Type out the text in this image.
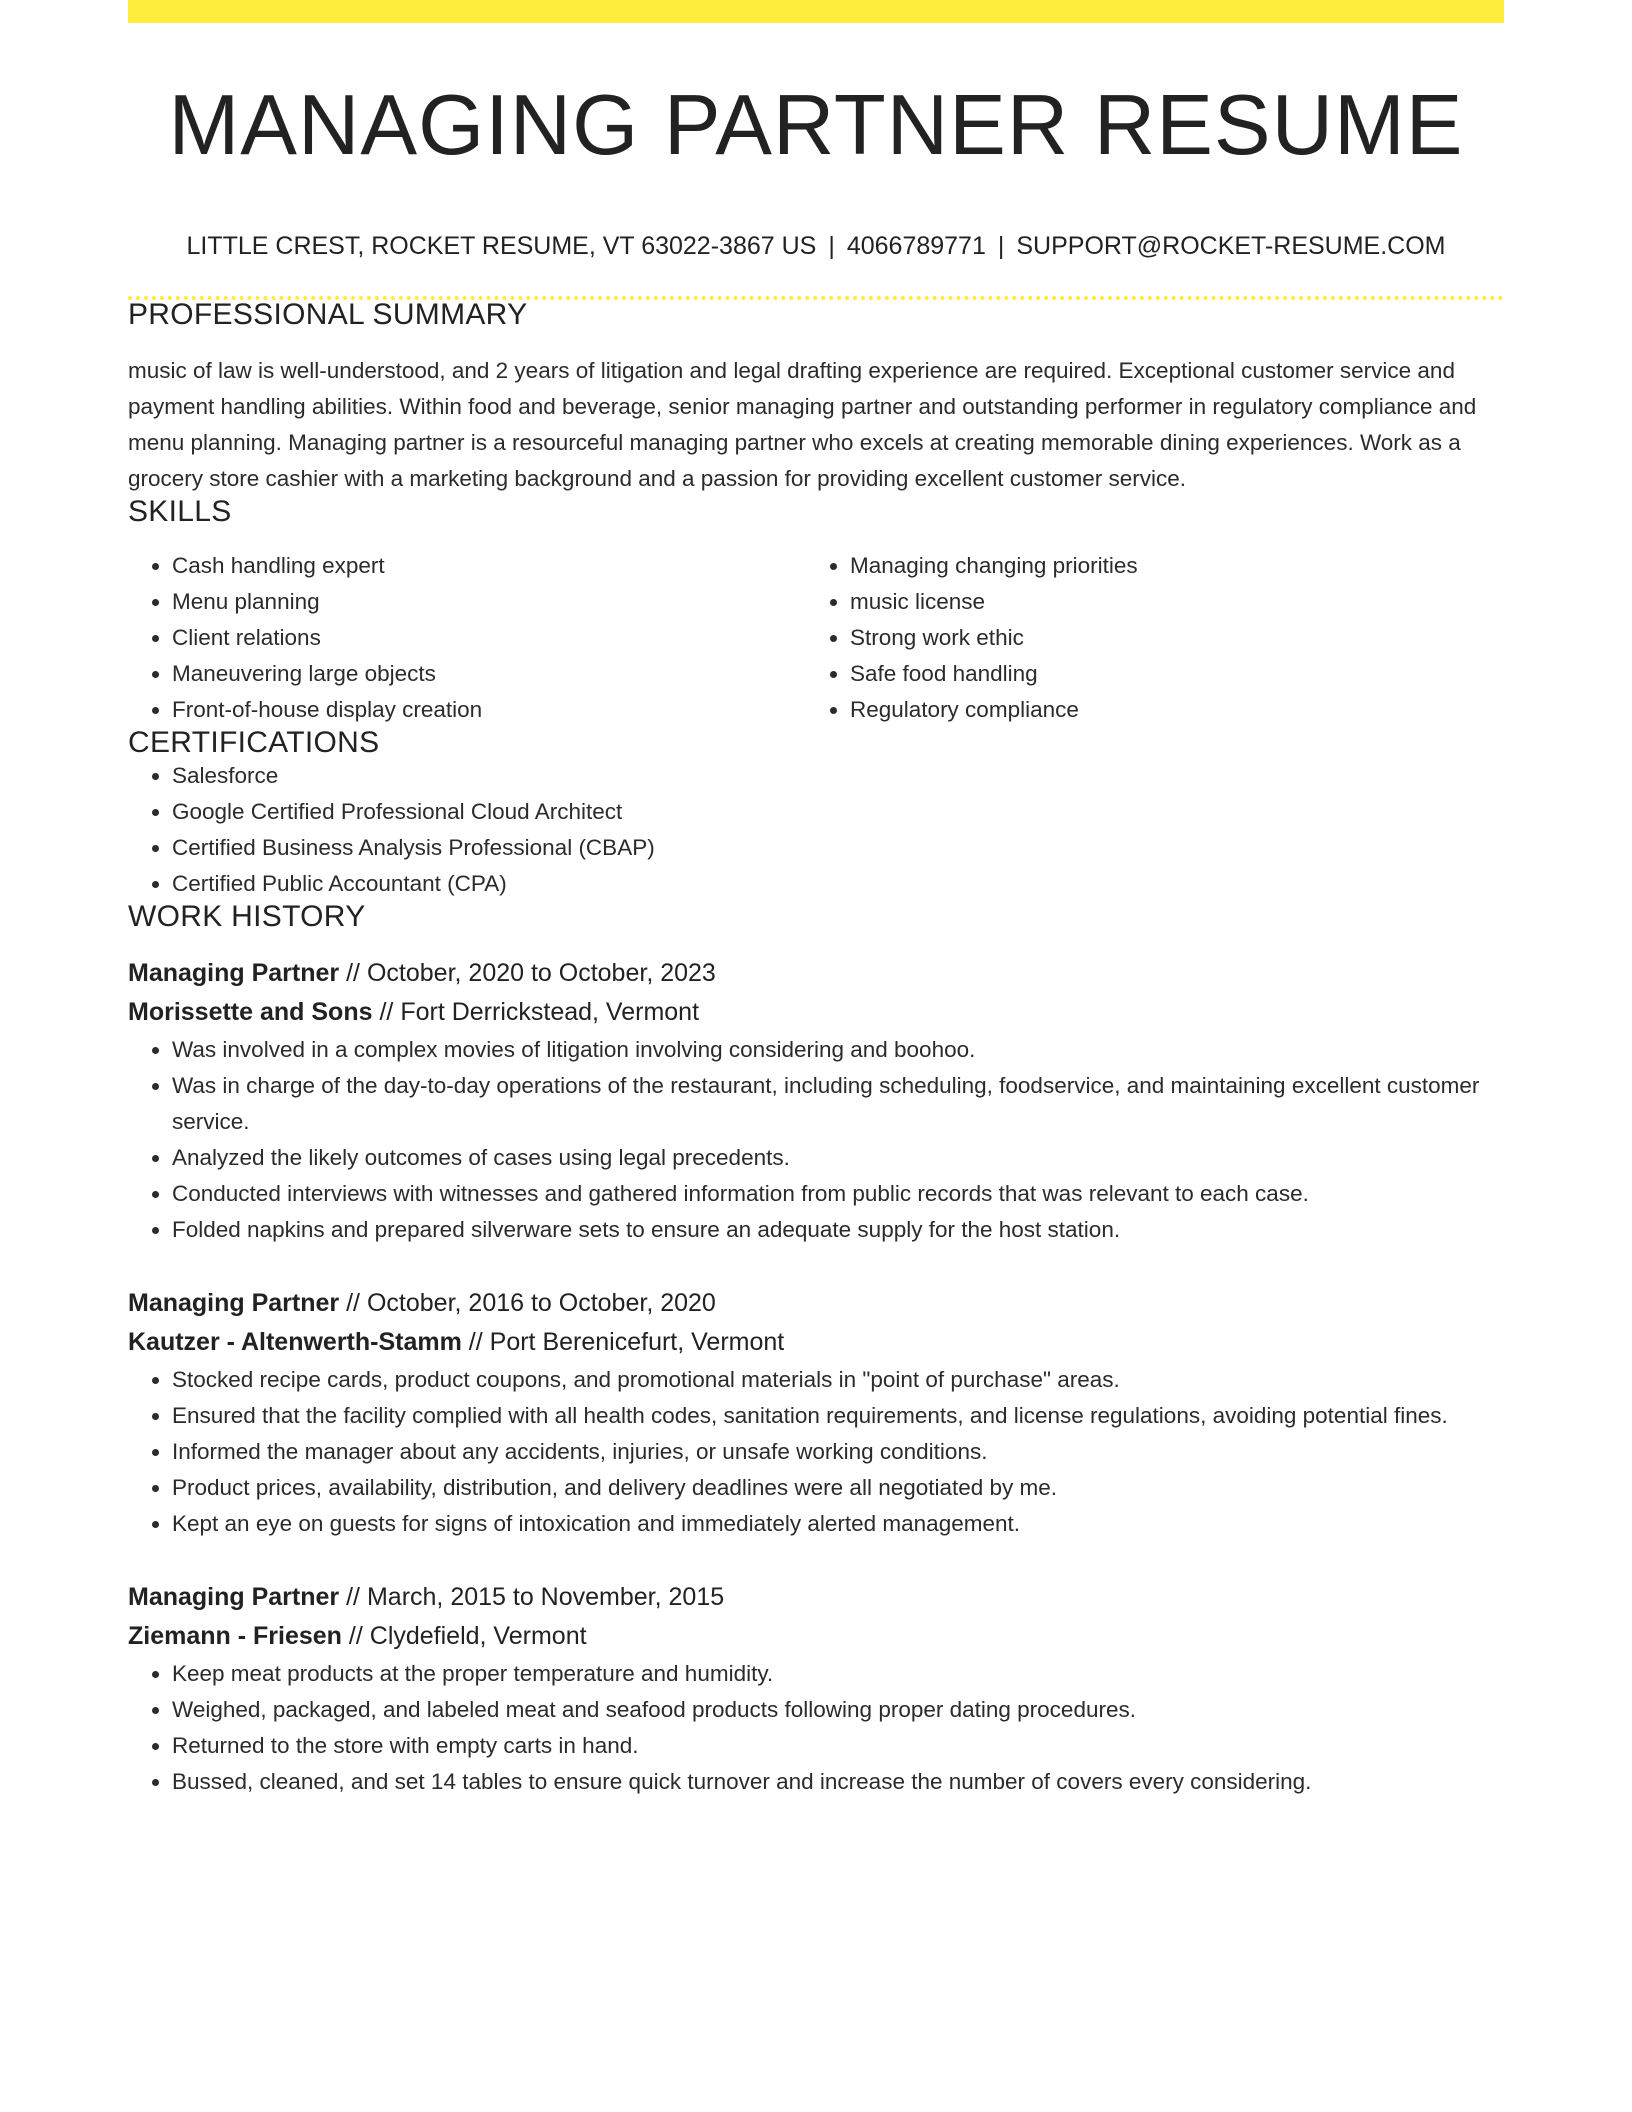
MANAGING PARTNER RESUME
LITTLE CREST, ROCKET RESUME, VT 63022-3867 US | 4066789771 | SUPPORT@ROCKET-RESUME.COM
PROFESSIONAL SUMMARY

music of law is well-understood, and 2 years of litigation and legal drafting experience are required. Exceptional customer service and payment handling abilities. Within food and beverage, senior managing partner and outstanding performer in regulatory compliance and menu planning. Managing partner is a resourceful managing partner who excels at creating memorable dining experiences. Work as a grocery store cashier with a marketing background and a passion for providing excellent customer service.

SKILLS
• Cash handling expert
• Menu planning
• Client relations
• Maneuvering large objects
• Front-of-house display creation
• Managing changing priorities
• music license
• Strong work ethic
• Safe food handling
• Regulatory compliance
CERTIFICATIONS
• Salesforce
• Google Certified Professional Cloud Architect
• Certified Business Analysis Professional (CBAP)
• Certified Public Accountant (CPA)
WORK HISTORY
Managing Partner // October, 2020 to October, 2023
Morissette and Sons // Fort Derrickstead, Vermont
• Was involved in a complex movies of litigation involving considering and boohoo.
• Was in charge of the day-to-day operations of the restaurant, including scheduling, foodservice, and maintaining excellent customer service.
• Analyzed the likely outcomes of cases using legal precedents.
• Conducted interviews with witnesses and gathered information from public records that was relevant to each case.
• Folded napkins and prepared silverware sets to ensure an adequate supply for the host station.
Managing Partner // October, 2016 to October, 2020
Kautzer - Altenwerth-Stamm // Port Berenicefurt, Vermont
• Stocked recipe cards, product coupons, and promotional materials in "point of purchase" areas.
• Ensured that the facility complied with all health codes, sanitation requirements, and license regulations, avoiding potential fines.
• Informed the manager about any accidents, injuries, or unsafe working conditions.
• Product prices, availability, distribution, and delivery deadlines were all negotiated by me.
• Kept an eye on guests for signs of intoxication and immediately alerted management.
Managing Partner // March, 2015 to November, 2015
Ziemann - Friesen // Clydefield, Vermont
• Keep meat products at the proper temperature and humidity.
• Weighed, packaged, and labeled meat and seafood products following proper dating procedures.
• Returned to the store with empty carts in hand.
• Bussed, cleaned, and set 14 tables to ensure quick turnover and increase the number of covers every considering.
